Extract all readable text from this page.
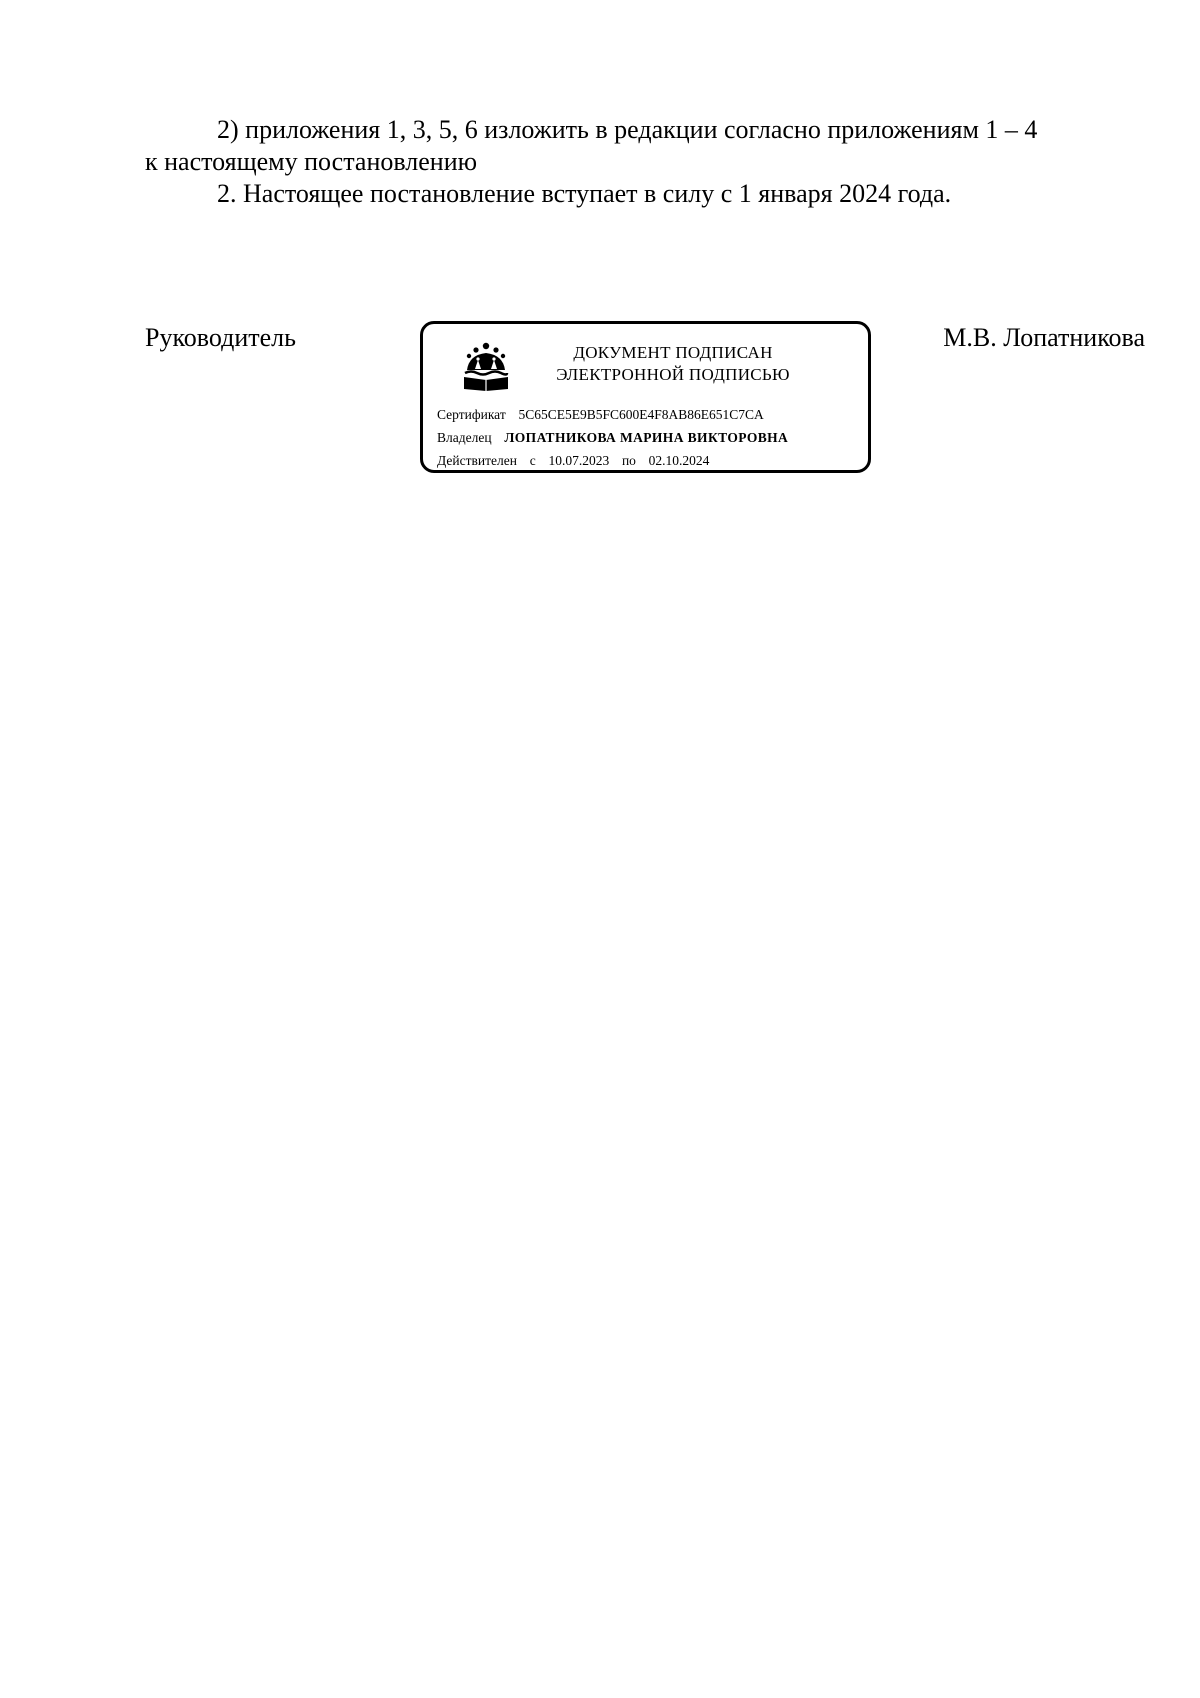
2) приложения 1, 3, 5, 6 изложить в редакции согласно приложениям 1 – 4

к настоящему постановлению

2. Настоящее постановление вступает в силу с 1 января 2024 года.

Руководитель
ДОКУМЕНТ ПОДПИСАН
ЭЛЕКТРОННОЙ ПОДПИСЬЮ
Сертификат 5C65CE5E9B5FC600E4F8AB86E651C7CA
Владелец ЛОПАТНИКОВА МАРИНА ВИКТОРОВНА
Действителен с 10.07.2023 по 02.10.2024
М.В. Лопатникова
